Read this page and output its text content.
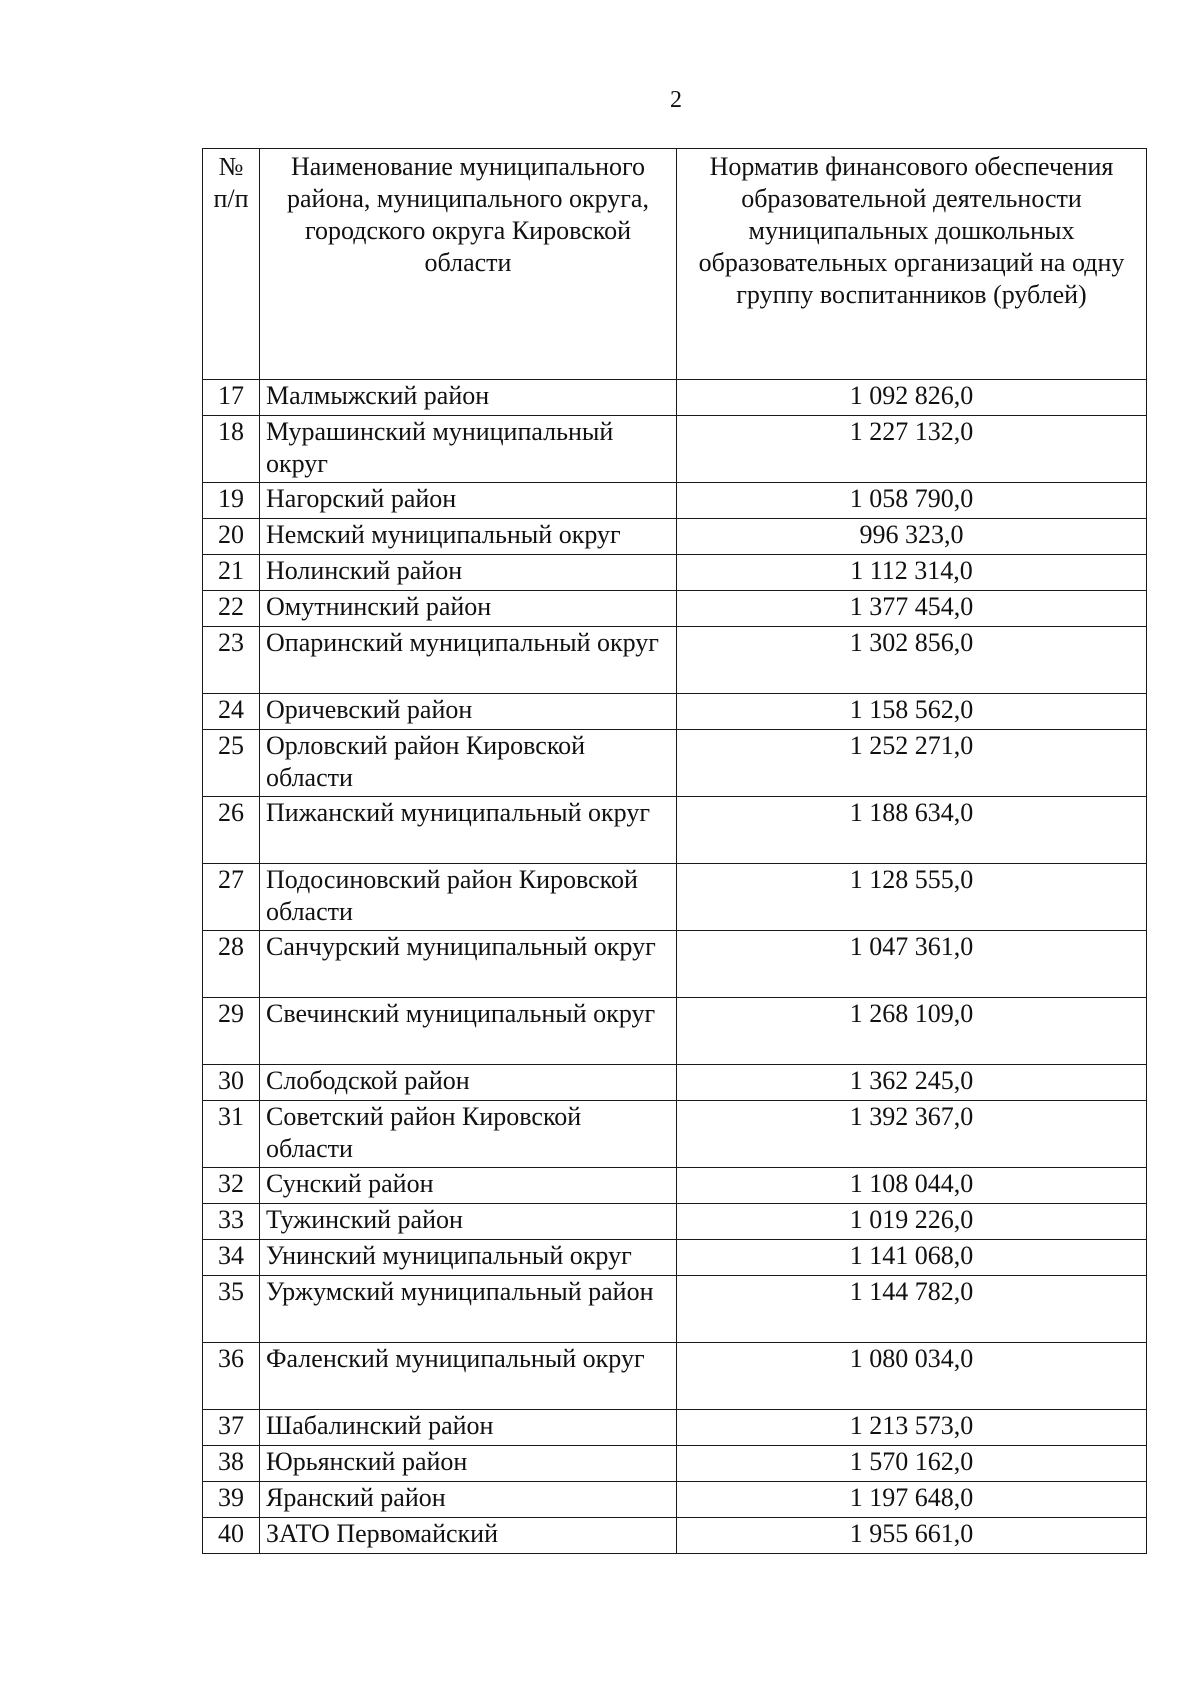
2
№ п/п	Наименование муниципального района, муниципального округа, городского округа Кировской области	Норматив финансового обеспечения образовательной деятельности муниципальных дошкольных образовательных организаций на одну группу воспитанников (рублей)
17	Малмыжский район	1 092 826,0
18	Мурашинский муниципальный округ	1 227 132,0
19	Нагорский район	1 058 790,0
20	Немский муниципальный округ	996 323,0
21	Нолинский район	1 112 314,0
22	Омутнинский район	1 377 454,0
23	Опаринский муниципальный округ	1 302 856,0
24	Оричевский район	1 158 562,0
25	Орловский район Кировской области	1 252 271,0
26	Пижанский муниципальный округ	1 188 634,0
27	Подосиновский район Кировской области	1 128 555,0
28	Санчурский муниципальный округ	1 047 361,0
29	Свечинский муниципальный округ	1 268 109,0
30	Слободской район	1 362 245,0
31	Советский район Кировской области	1 392 367,0
32	Сунский район	1 108 044,0
33	Тужинский район	1 019 226,0
34	Унинский муниципальный округ	1 141 068,0
35	Уржумский муниципальный район	1 144 782,0
36	Фаленский муниципальный округ	1 080 034,0
37	Шабалинский район	1 213 573,0
38	Юрьянский район	1 570 162,0
39	Яранский район	1 197 648,0
40	ЗАТО Первомайский	1 955 661,0
